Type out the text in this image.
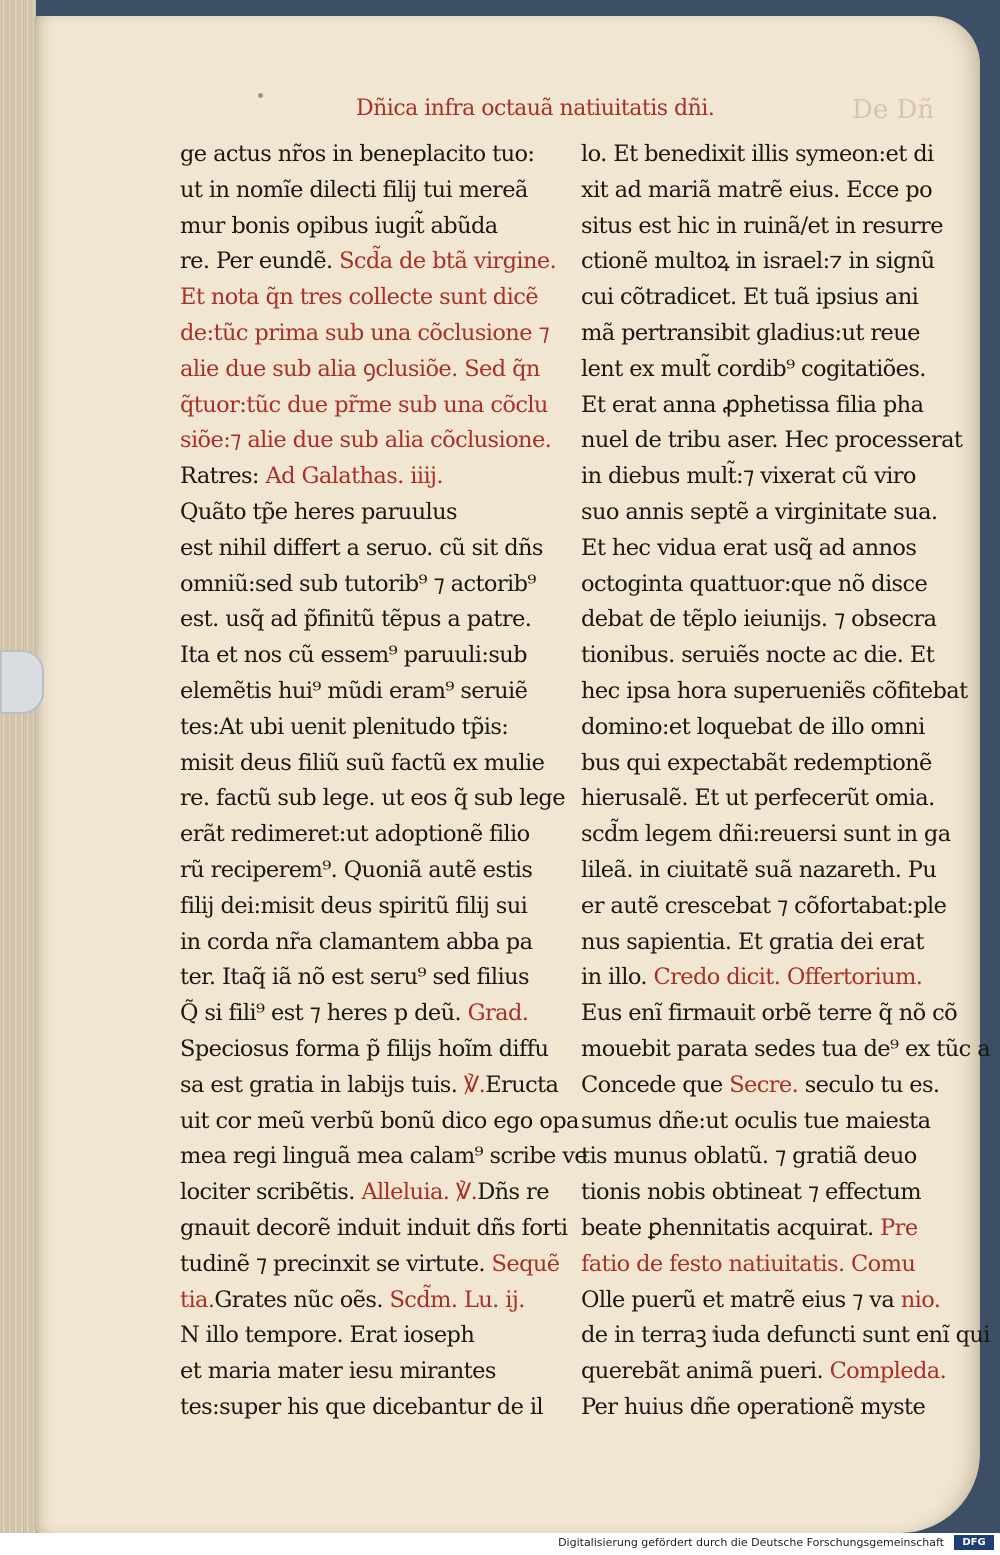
De Dñ
Dñica infra octauã natiuitatis dñi.
ge actus nr̃os in beneplacito tuo:
ut in nomĩe dilecti filij tui mereã
mur bonis opibus iugit̃ abũda
re. Per eundẽ. Scd̃a de btã virgine.
Et nota q̃n tres collecte sunt dicẽ
de:tũc prima sub una cõclusione ⁊
alie due sub alia ꝯclusiõe. Sed q̃n
q̃tuor:tũc due pr̃me sub una cõclu
siõe:⁊ alie due sub alia cõclusione.
Ratres: Ad Galathas. iiij.
Quãto tp̃e heres paruulus
est nihil differt a seruo. cũ sit dñs
omniũ:sed sub tutorib⁹ ⁊ actorib⁹
est. usq̃ ad p̃finitũ tẽpus a patre.
Ita et nos cũ essem⁹ paruuli:sub
elemẽtis hui⁹ mũdi eram⁹ seruiẽ
tes:At ubi uenit plenitudo tp̃is:
misit deus filiũ suũ factũ ex mulie
re. factũ sub lege. ut eos q̃ sub lege
erãt redimeret:ut adoptionẽ filio
rũ reciperem⁹. Quoniã autẽ estis
filij dei:misit deus spiritũ filij sui
in corda nr̃a clamantem abba pa
ter. Itaq̃ iã nõ est seru⁹ sed filius
Q̃ si fili⁹ est ⁊ heres p deũ. Grad.
Speciosus forma p̃ filijs hoĩm diffu
sa est gratia in labijs tuis. ℣.Eructa
uit cor meũ verbũ bonũ dico ego opa
mea regi linguã mea calam⁹ scribe ve
lociter scribẽtis. Alleluia. ℣.Dñs re
gnauit decorẽ induit induit dñs forti
tudinẽ ⁊ precinxit se virtute. Sequẽ
tia.Grates nũc oẽs. Scd̃m. Lu. ij.
N illo tempore. Erat ioseph
et maria mater iesu mirantes
tes:super his que dicebantur de il
lo. Et benedixit illis symeon:et di
xit ad mariã matrẽ eius. Ecce po
situs est hic in ruinã/et in resurre
ctionẽ multoꝝ in israel:⁊ in signũ
cui cõtradicet. Et tuã ipsius ani
mã pertransibit gladius:ut reue
lent ex mult̃ cordib⁹ cogitatiões.
Et erat anna ꝓphetissa filia pha
nuel de tribu aser. Hec processerat
in diebus mult̃:⁊ vixerat cũ viro
suo annis septẽ a virginitate sua.
Et hec vidua erat usq̃ ad annos
octoginta quattuor:que nõ disce
debat de tẽplo ieiunijs. ⁊ obsecra
tionibus. seruiẽs nocte ac die. Et
hec ipsa hora superueniẽs cõfitebat
domino:et loquebat de illo omni
bus qui expectabãt redemptionẽ
hierusalẽ. Et ut perfecerũt omia.
scd̃m legem dñi:reuersi sunt in ga
lileã. in ciuitatẽ suã nazareth. Pu
er autẽ crescebat ⁊ cõfortabat:ple
nus sapientia. Et gratia dei erat
in illo. Credo dicit. Offertorium.
Eus enĩ firmauit orbẽ terre q̃ nõ cõ
mouebit parata sedes tua de⁹ ex tũc a
Concede que Secre. seculo tu es.
sumus dñe:ut oculis tue maiesta
tis munus oblatũ. ⁊ gratiã deuo
tionis nobis obtineat ⁊ effectum
beate ꝑhennitatis acquirat. Pre
fatio de festo natiuitatis. Comu
Olle puerũ et matrẽ eius ⁊ va nio.
de in terraꝫ iuda defuncti sunt enĩ qui
querebãt animã pueri. Compleda.
Per huius dñe operationẽ myste
Digitalisierung gefördert durch die Deutsche Forschungsgemeinschaft	DFG
